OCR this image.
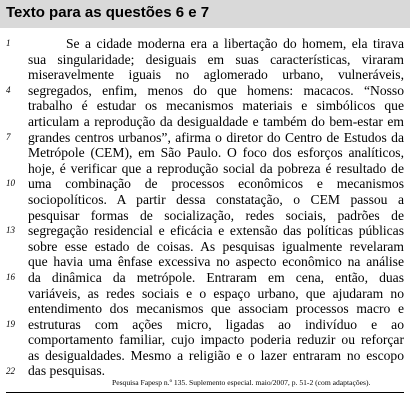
Texto para as questões 6 e 7
1
4
7
10
13
16
19
22
Se a cidade moderna era a libertação do homem, ela tirava
sua singularidade; desiguais em suas características, viraram
miseravelmente iguais no aglomerado urbano, vulneráveis,
segregados, enfim, menos do que homens: macacos. “Nosso
trabalho é estudar os mecanismos materiais e simbólicos que
articulam a reprodução da desigualdade e também do bem-estar em
grandes centros urbanos”, afirma o diretor do Centro de Estudos da
Metrópole (CEM), em São Paulo. O foco dos esforços analíticos,
hoje, é verificar que a reprodução social da pobreza é resultado de
uma combinação de processos econômicos e mecanismos
sociopolíticos. A partir dessa constatação, o CEM passou a
pesquisar formas de socialização, redes sociais, padrões de
segregação residencial e eficácia e extensão das políticas públicas
sobre esse estado de coisas. As pesquisas igualmente revelaram
que havia uma ênfase excessiva no aspecto econômico na análise
da dinâmica da metrópole. Entraram em cena, então, duas
variáveis, as redes sociais e o espaço urbano, que ajudaram no
entendimento dos mecanismos que associam processos macro e
estruturas com ações micro, ligadas ao indivíduo e ao
comportamento familiar, cujo impacto poderia reduzir ou reforçar
as desigualdades. Mesmo a religião e o lazer entraram no escopo
das pesquisas.
Pesquisa Fapesp n.º 135. Suplemento especial. maio/2007, p. 51-2 (com adaptações).
